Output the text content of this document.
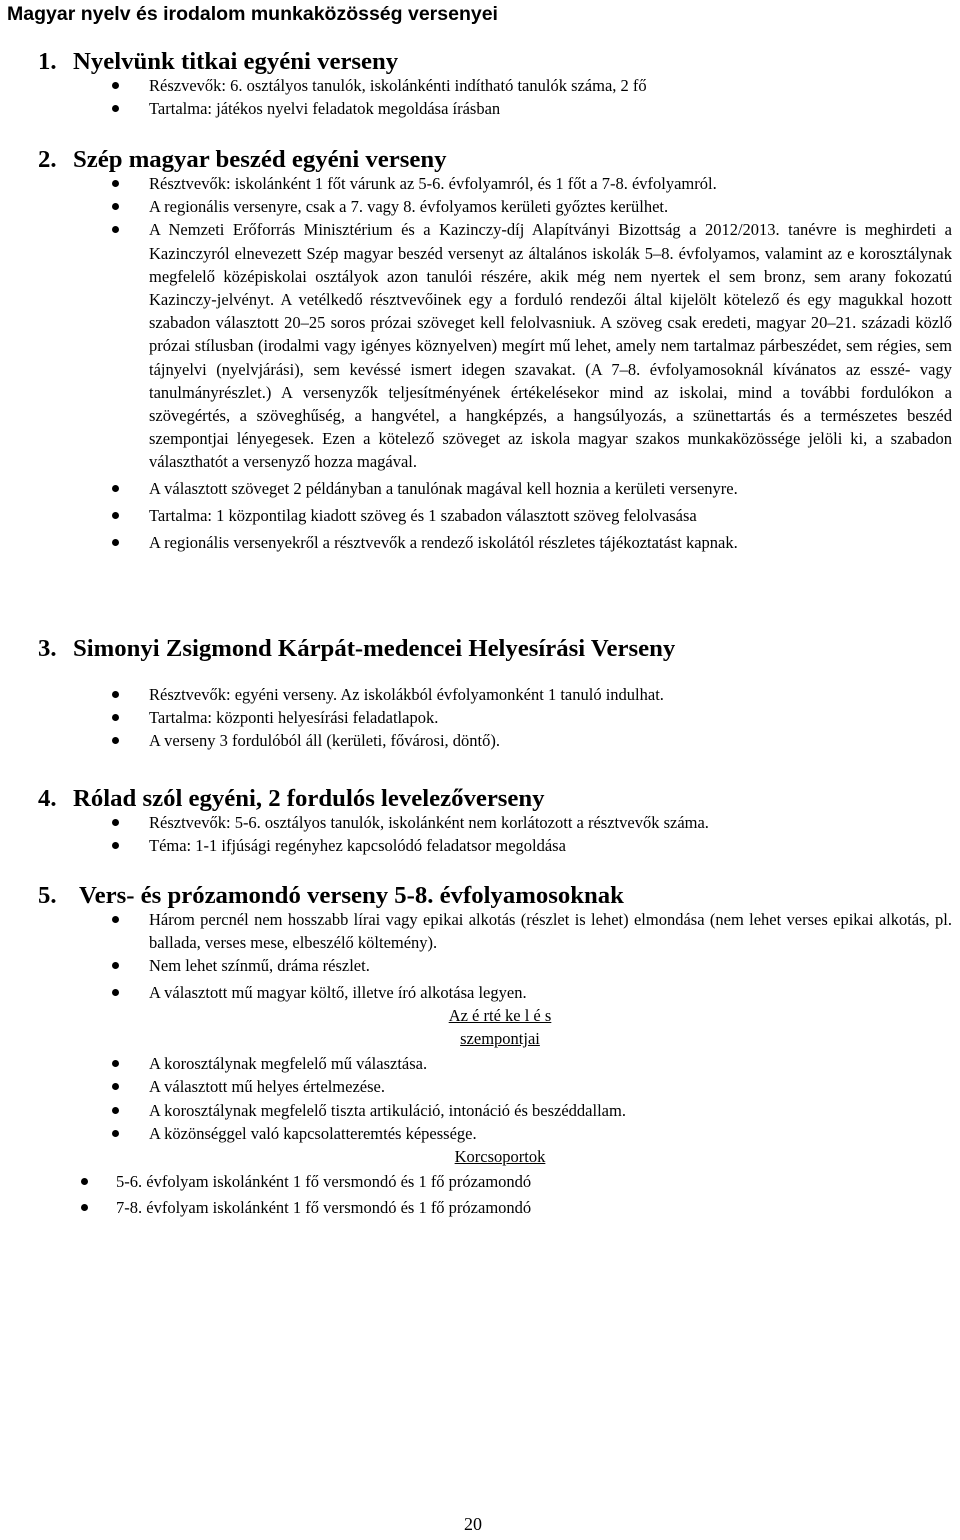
Magyar nyelv és irodalom munkaközösség versenyei
1. Nyelvünk titkai egyéni verseny
Részvevők: 6. osztályos tanulók, iskolánkénti indítható tanulók száma, 2 fő
Tartalma: játékos nyelvi feladatok megoldása írásban
2. Szép magyar beszéd egyéni verseny
Résztvevők: iskolánként 1 főt várunk az 5-6. évfolyamról, és 1 főt a 7-8. évfolyamról.
A regionális versenyre, csak a 7. vagy 8. évfolyamos kerületi győztes kerülhet.
A Nemzeti Erőforrás Minisztérium és a Kazinczy-díj Alapítványi Bizottság a 2012/2013. tanévre is meghirdeti a Kazinczyról elnevezett Szép magyar beszéd versenyt az általános iskolák 5–8. évfolyamos, valamint az e korosztálynak megfelelő középiskolai osztályok azon tanulói részére, akik még nem nyertek el sem bronz, sem arany fokozatú Kazinczy-jelvényt. A vetélkedő résztvevőinek egy a forduló rendezői által kijelölt kötelező és egy magukkal hozott szabadon választott 20–25 soros prózai szöveget kell felolvasniuk. A szöveg csak eredeti, magyar 20–21. századi közlő prózai stílusban (irodalmi vagy igényes köznyelven) megírt mű lehet, amely nem tartalmaz párbeszédet, sem régies, sem tájnyelvi (nyelvjárási), sem kevéssé ismert idegen szavakat. (A 7–8. évfolyamosoknál kívánatos az esszé- vagy tanulmányrészlet.) A versenyzők teljesítményének értékelésekor mind az iskolai, mind a további fordulókon a szövegértés, a szöveghűség, a hangvétel, a hangképzés, a hangsúlyozás, a szünettartás és a természetes beszéd szempontjai lényegesek. Ezen a kötelező szöveget az iskola magyar szakos munkaközössége jelöli ki, a szabadon választhatót a versenyző hozza magával.
A választott szöveget 2 példányban a tanulónak magával kell hoznia a kerületi versenyre.
Tartalma: 1 központilag kiadott szöveg és 1 szabadon választott szöveg felolvasása
A regionális versenyekről a résztvevők a rendező iskolától részletes tájékoztatást kapnak.
3. Simonyi Zsigmond Kárpát-medencei Helyesírási Verseny
Résztvevők: egyéni verseny. Az iskolákból évfolyamonként 1 tanuló indulhat.
Tartalma: központi helyesírási feladatlapok.
A verseny 3 fordulóból áll (kerületi, fővárosi, döntő).
4. Rólad szól egyéni, 2 fordulós levelezőverseny
Résztvevők: 5-6. osztályos tanulók, iskolánként nem korlátozott a résztvevők száma.
Téma: 1-1 ifjúsági regényhez kapcsolódó feladatsor megoldása
5. Vers- és prózamondó verseny 5-8. évfolyamosoknak
Három percnél nem hosszabb lírai vagy epikai alkotás (részlet is lehet) elmondása (nem lehet verses epikai alkotás, pl. ballada, verses mese, elbeszélő költemény).
Nem lehet színmű, dráma részlet.
A választott mű magyar költő, illetve író alkotása legyen.

Az é rté ke l é s

szempontjai

A korosztálynak megfelelő mű választása.
A választott mű helyes értelmezése.
A korosztálynak megfelelő tiszta artikuláció, intonáció és beszéddallam.
A közönséggel való kapcsolatteremtés képessége.

Korcsoportok

5-6. évfolyam iskolánként 1 fő versmondó és 1 fő prózamondó
7-8. évfolyam iskolánként 1 fő versmondó és 1 fő prózamondó
20
